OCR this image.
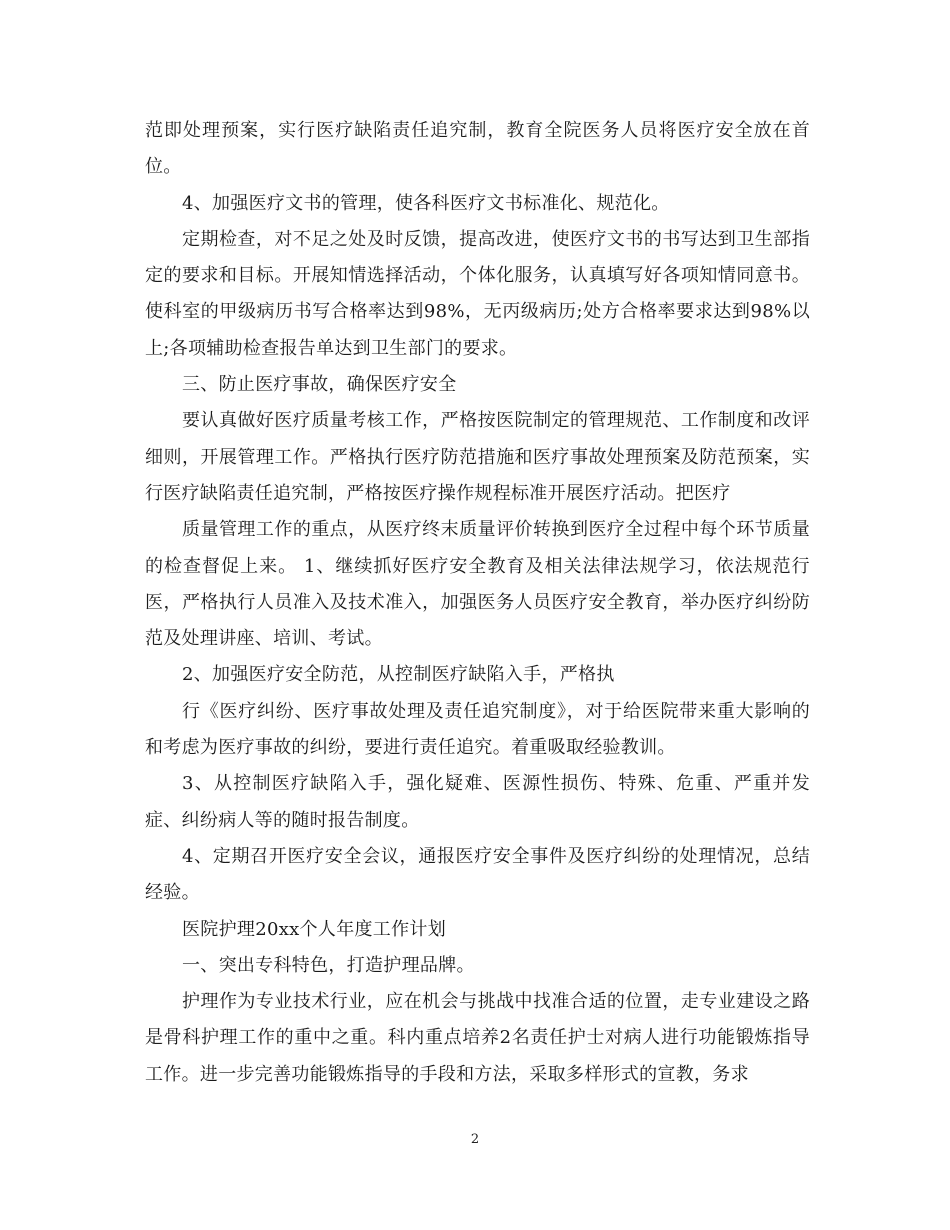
范即处理预案，实行医疗缺陷责任追究制，教育全院医务人员将医疗安全放在首位。

4、加强医疗文书的管理，使各科医疗文书标准化、规范化。

定期检查，对不足之处及时反馈，提高改进，使医疗文书的书写达到卫生部指定的要求和目标。开展知情选择活动，个体化服务，认真填写好各项知情同意书。使科室的甲级病历书写合格率达到98%，无丙级病历;处方合格率要求达到98%以上;各项辅助检查报告单达到卫生部门的要求。

三、防止医疗事故，确保医疗安全

要认真做好医疗质量考核工作，严格按医院制定的管理规范、工作制度和改评细则，开展管理工作。严格执行医疗防范措施和医疗事故处理预案及防范预案，实行医疗缺陷责任追究制，严格按医疗操作规程标准开展医疗活动。把医疗

质量管理工作的重点，从医疗终末质量评价转换到医疗全过程中每个环节质量的检查督促上来。 1、继续抓好医疗安全教育及相关法律法规学习，依法规范行医，严格执行人员准入及技术准入，加强医务人员医疗安全教育，举办医疗纠纷防范及处理讲座、培训、考试。

2、加强医疗安全防范，从控制医疗缺陷入手，严格执

行《医疗纠纷、医疗事故处理及责任追究制度》，对于给医院带来重大影响的和考虑为医疗事故的纠纷，要进行责任追究。着重吸取经验教训。

3、从控制医疗缺陷入手，强化疑难、医源性损伤、特殊、危重、严重并发症、纠纷病人等的随时报告制度。

4、定期召开医疗安全会议，通报医疗安全事件及医疗纠纷的处理情况，总结经验。

医院护理20xx个人年度工作计划

一、突出专科特色，打造护理品牌。

护理作为专业技术行业，应在机会与挑战中找准合适的位置，走专业建设之路是骨科护理工作的重中之重。科内重点培养2名责任护士对病人进行功能锻炼指导工作。进一步完善功能锻炼指导的手段和方法，采取多样形式的宣教，务求

2
